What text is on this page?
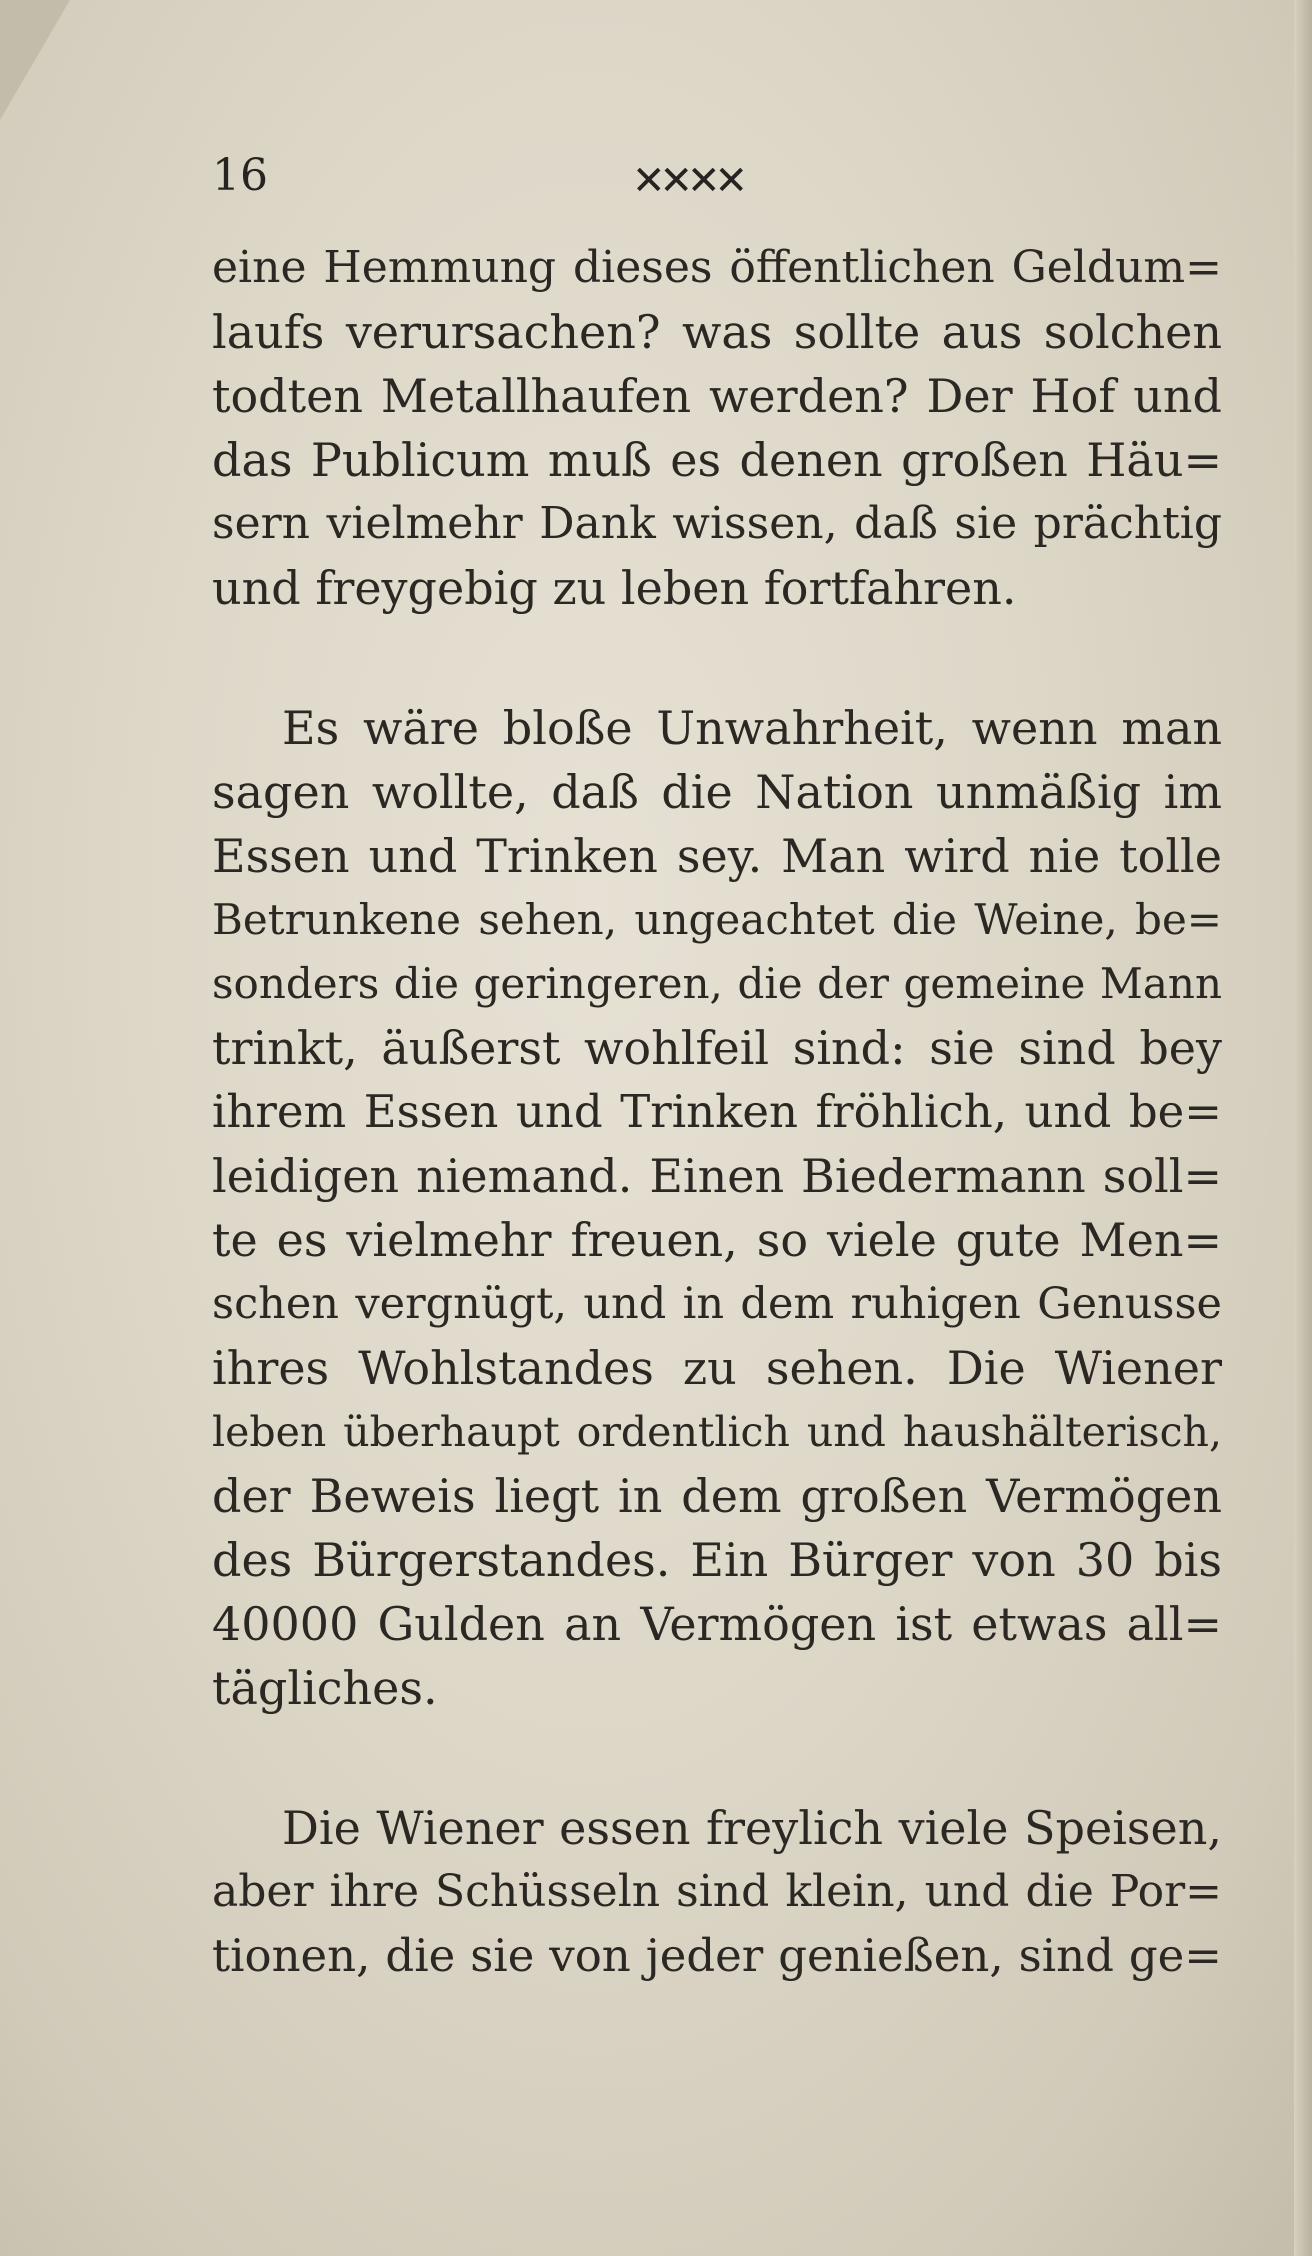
16	✕✕✕✕
eine Hemmung dieses öffentlichen Geldum=
laufs verursachen? was sollte aus solchen
todten Metallhaufen werden? Der Hof und
das Publicum muß es denen großen Häu=
sern vielmehr Dank wissen, daß sie prächtig
und freygebig zu leben fortfahren.
Es wäre bloße Unwahrheit, wenn man
sagen wollte, daß die Nation unmäßig im
Essen und Trinken sey. Man wird nie tolle
Betrunkene sehen, ungeachtet die Weine, be=
sonders die geringeren, die der gemeine Mann
trinkt, äußerst wohlfeil sind: sie sind bey
ihrem Essen und Trinken fröhlich, und be=
leidigen niemand. Einen Biedermann soll=
te es vielmehr freuen, so viele gute Men=
schen vergnügt, und in dem ruhigen Genusse
ihres Wohlstandes zu sehen. Die Wiener
leben überhaupt ordentlich und haushälterisch,
der Beweis liegt in dem großen Vermögen
des Bürgerstandes. Ein Bürger von 30 bis
40000 Gulden an Vermögen ist etwas all=
tägliches.
Die Wiener essen freylich viele Speisen,
aber ihre Schüsseln sind klein, und die Por=
tionen, die sie von jeder genießen, sind ge=
